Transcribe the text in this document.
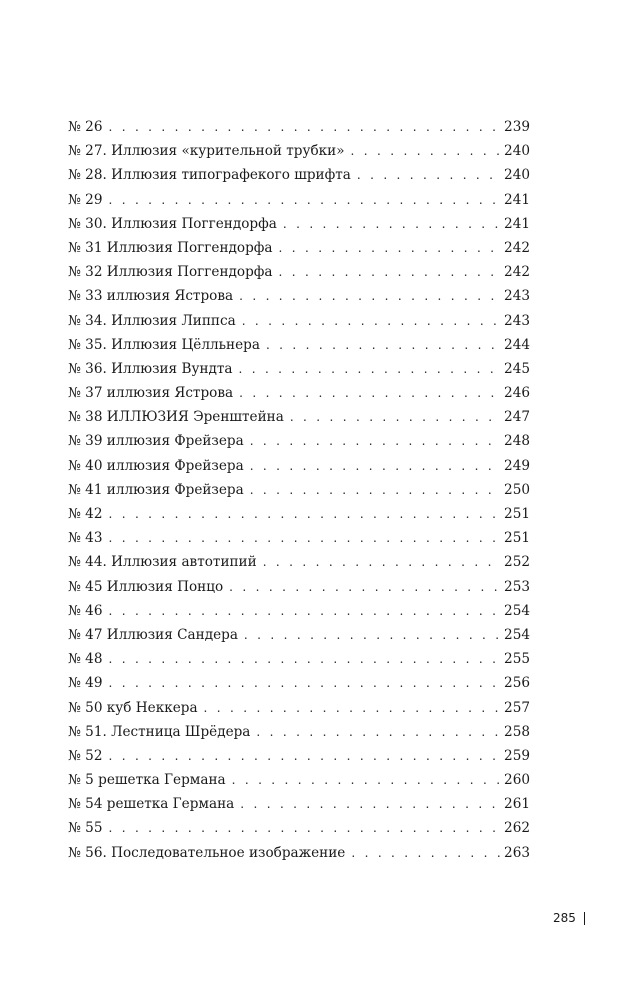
№ 26 . . .	239
№ 27. Иллюзия «курительной трубки» . . .	240
№ 28. Иллюзия типографекого шрифта . . .	240
№ 29 . . .	241
№ 30. Иллюзия Поггендорфа . . .	241
№ 31 Иллюзия Поггендорфа . . .	242
№ 32 Иллюзия Поггендорфа . . .	242
№ 33 иллюзия Ястрова . . .	243
№ 34. Иллюзия Липпса . . .	243
№ 35. Иллюзия Цёлльнера . . .	244
№ 36. Иллюзия Вундта . . .	245
№ 37 иллюзия Ястрова . . .	246
№ 38 ИЛЛЮЗИЯ Эренштейна . . .	247
№ 39 иллюзия Фрейзера . . .	248
№ 40 иллюзия Фрейзера . . .	249
№ 41 иллюзия Фрейзера . . .	250
№ 42 . . .	251
№ 43 . . .	251
№ 44. Иллюзия автотипий . . .	252
№ 45 Иллюзия Понцо . . .	253
№ 46 . . .	254
№ 47 Иллюзия Сандера . . .	254
№ 48 . . .	255
№ 49 . . .	256
№ 50 куб Неккера . . .	257
№ 51. Лестница Шрёдера . . .	258
№ 52 . . .	259
№ 5 решетка Германа . . .	260
№ 54 решетка Германа . . .	261
№ 55 . . .	262
№ 56. Последовательное изображение . . .	263
285
